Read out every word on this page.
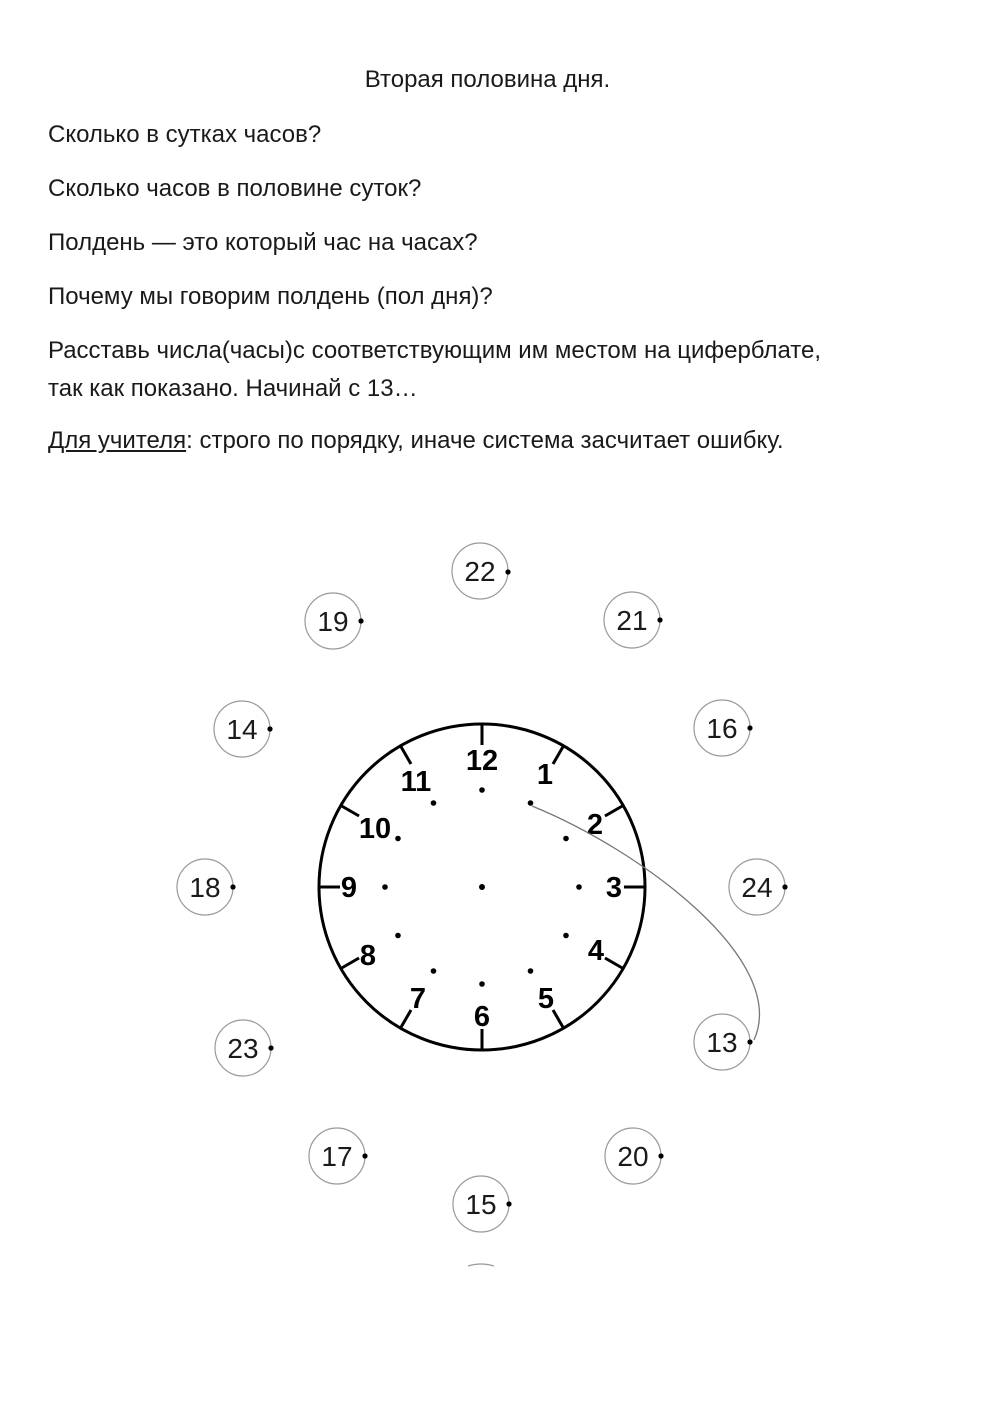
Вторая половина дня.
Сколько в сутках часов?
Сколько часов в половине суток?
Полдень — это который час на часах?
Почему мы говорим полдень (пол дня)?
Расставь числа(часы)с соответствующим им местом на циферблате,
так как показано. Начинай с 13…
Для учителя: строго по порядку, иначе система засчитает ошибку.
12 1
2
3
4
5
6
7
8
9
10
11
22
19	21
14	16
18	24
23	13
17	20
15
